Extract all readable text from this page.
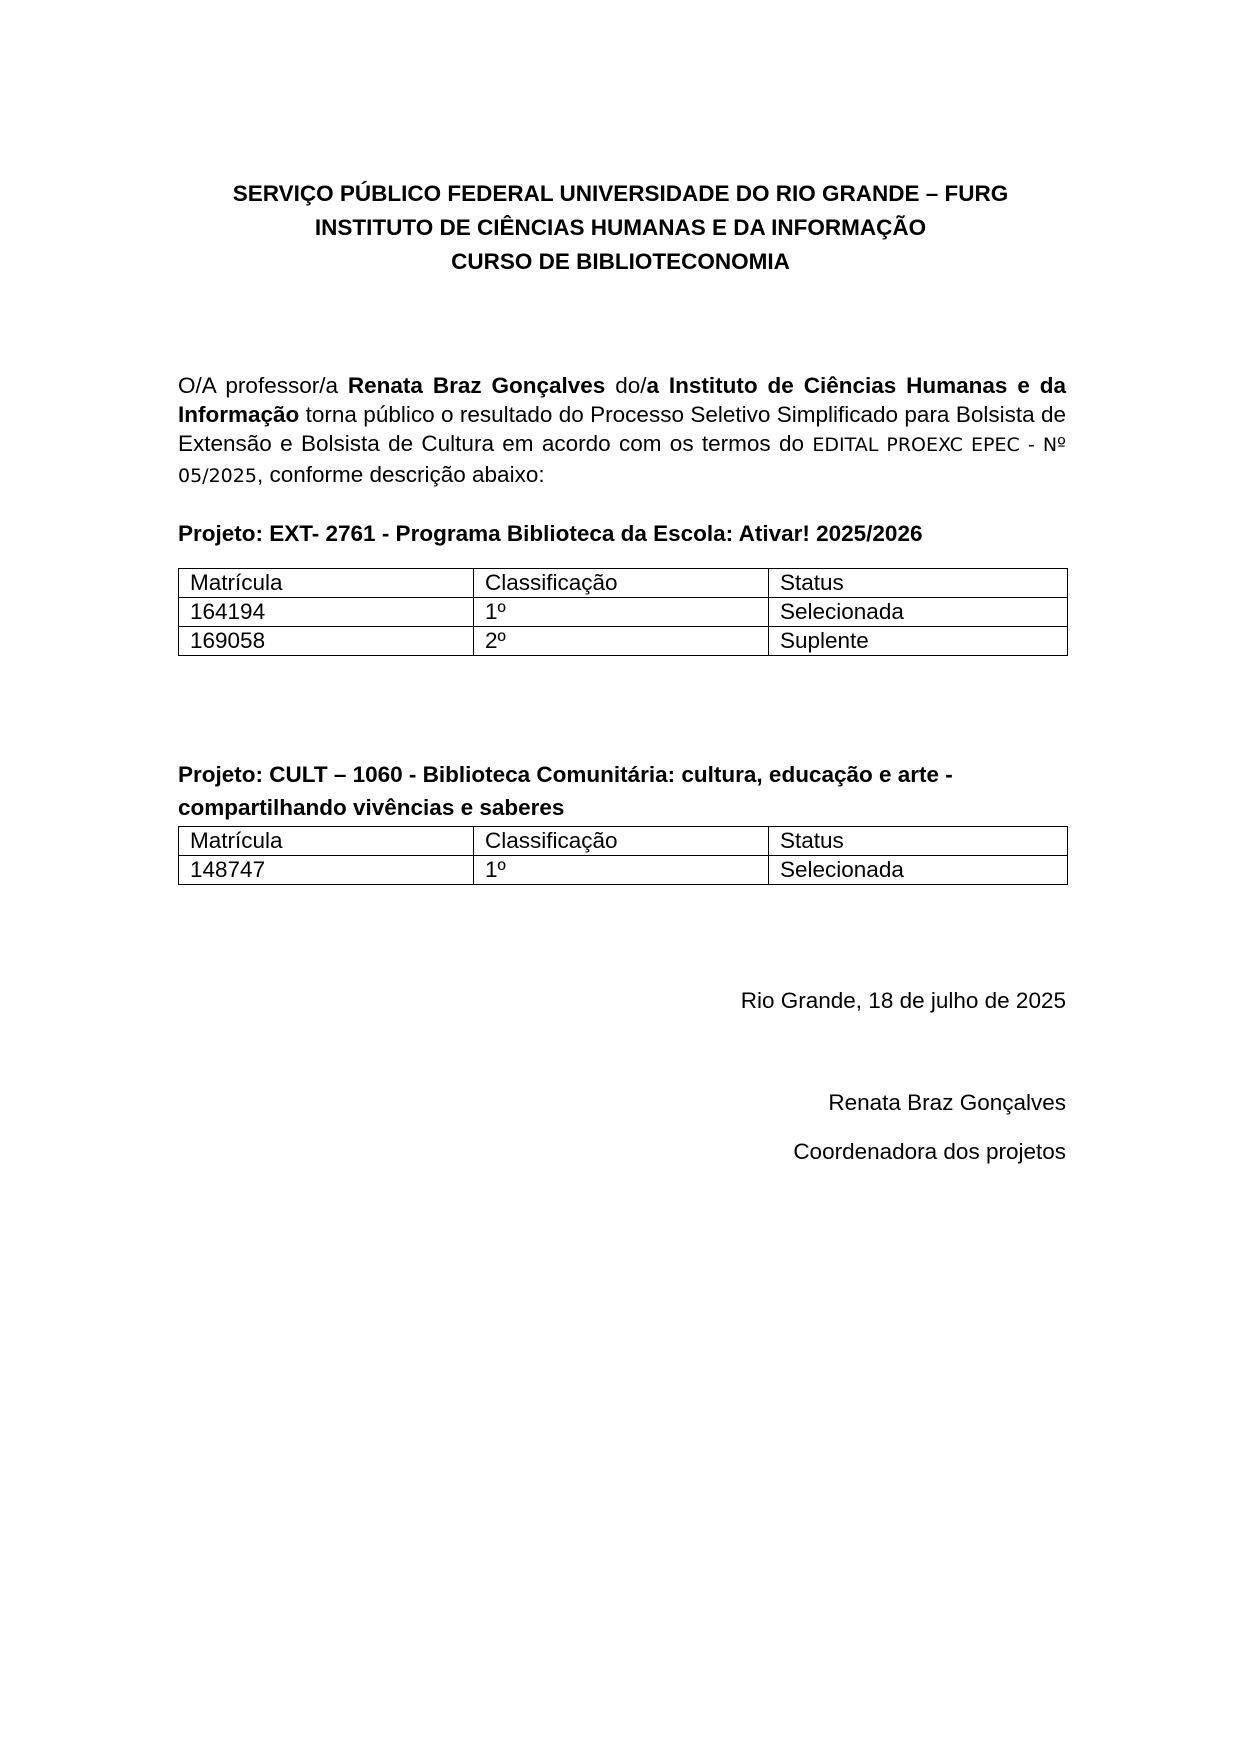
SERVIÇO PÚBLICO FEDERAL UNIVERSIDADE DO RIO GRANDE – FURG
INSTITUTO DE CIÊNCIAS HUMANAS E DA INFORMAÇÃO
CURSO DE BIBLIOTECONOMIA
O/A professor/a Renata Braz Gonçalves do/a Instituto de Ciências Humanas e da Informação torna público o resultado do Processo Seletivo Simplificado para Bolsista de Extensão e Bolsista de Cultura em acordo com os termos do EDITAL PROEXC EPEC - Nº 05/2025, conforme descrição abaixo:
Projeto: EXT- 2761 - Programa Biblioteca da Escola: Ativar! 2025/2026
Matrícula	Classificação	Status
164194	1º	Selecionada
169058	2º	Suplente
Projeto: CULT – 1060 - Biblioteca Comunitária: cultura, educação e arte -
compartilhando vivências e saberes
Matrícula	Classificação	Status
148747	1º	Selecionada
Rio Grande, 18 de julho de 2025
Renata Braz Gonçalves
Coordenadora dos projetos
